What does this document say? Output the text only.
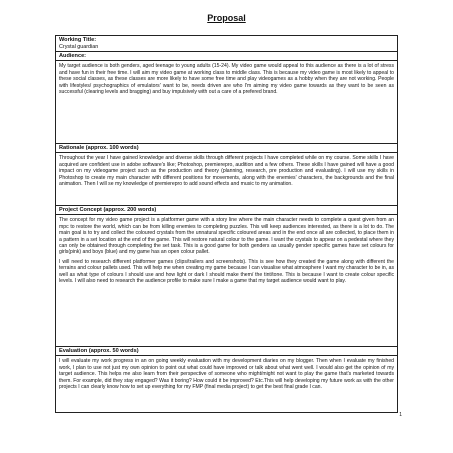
Proposal
Working Title:
Crystal guardian
Audience:

My target audience is both genders, aged teenage to young adults (15-24). My video game would appeal to this audience as there is a lot of stress and have fun in their free time. I will aim my video game at working class to middle class. This is because my video game is most likely to appeal to these social classes, as these classes are more likely to have some free time and play videogames as a hobby when they are not working. People with lifestyles/ psychographics of emulators' want to be, needs driven are who I'm aiming my video game towards as they want to be seen as successful (clearing levels and bragging) and buy impulsively with out a care of a prefered brand.

Rationale (approx. 100 words)

Throughout the year I have gained knowledge and diverse skills through different projects I have completed while on my course. Some skills I have acquired are confident use in adobe software's like; Photoshop, premierepro, audition and a few others. These skills I have gained will have a good impact on my videogame project such as the production and theory (planning, research, pre production and evaluating). I will use my skills in Photoshop to create my main character with different positions for movements, along with the enemies' characters, the backgrounds and the final animation. Then I will se my knowledge of premierepro to add sound effects and music to my animation.

Project Concept (approx. 200 words)

The concept for my video game project is a platformer game with a story line where the main character needs to complete a quest given from an mpc to restore the world, which can be from killing enemies to completing puzzles. This will keep audiences interested, as there is a lot to do. The main goal is to try and collect the coloured crystals from the unnatural specific coloured areas and in the end once all are collected, to place them in a pattern in a set location at the end of the game. This will restore natural colour to the game. I want the crystals to appear on a pedestal where they can only be obtained through completing the set task. This is a good game for both genders as usually gender specific games have set colours for girls(pink) and boys (blue) and my game has an open colour pallet.

I will need to research different platformer games (clips/trailers and screenshots). This is see how they created the game along with different the terrains and colour pallets used. This will help me when creating my game because I can visualise what atmosphere I want my character to be in, as well as what type of colours I should use and how light or dark I should make them/ the tint/tone. This is because I want to create colour specific levels. I will also need to research the audience profile to make sure I make a game that my target audience would want to play.

Evaluation (approx. 50 words)

I will evaluate my work progress in an on going weekly evaluation with my development diaries on my blogger. Then when I evaluate my finished work, I plan to use not just my own opinion to point out what could have improved or talk about what went well. I would also get the opinion of my target audience. This helps me also learn from their perspective of someone who might/might not want to play the game that's marketed towards them. For example, did they stay engaged? Was it boring? How could it be improved? Etc.This will help developing my future work as with the other projects I can clearly know how to set up everything for my FMP (final media project) to get the best final grade I can.

1
